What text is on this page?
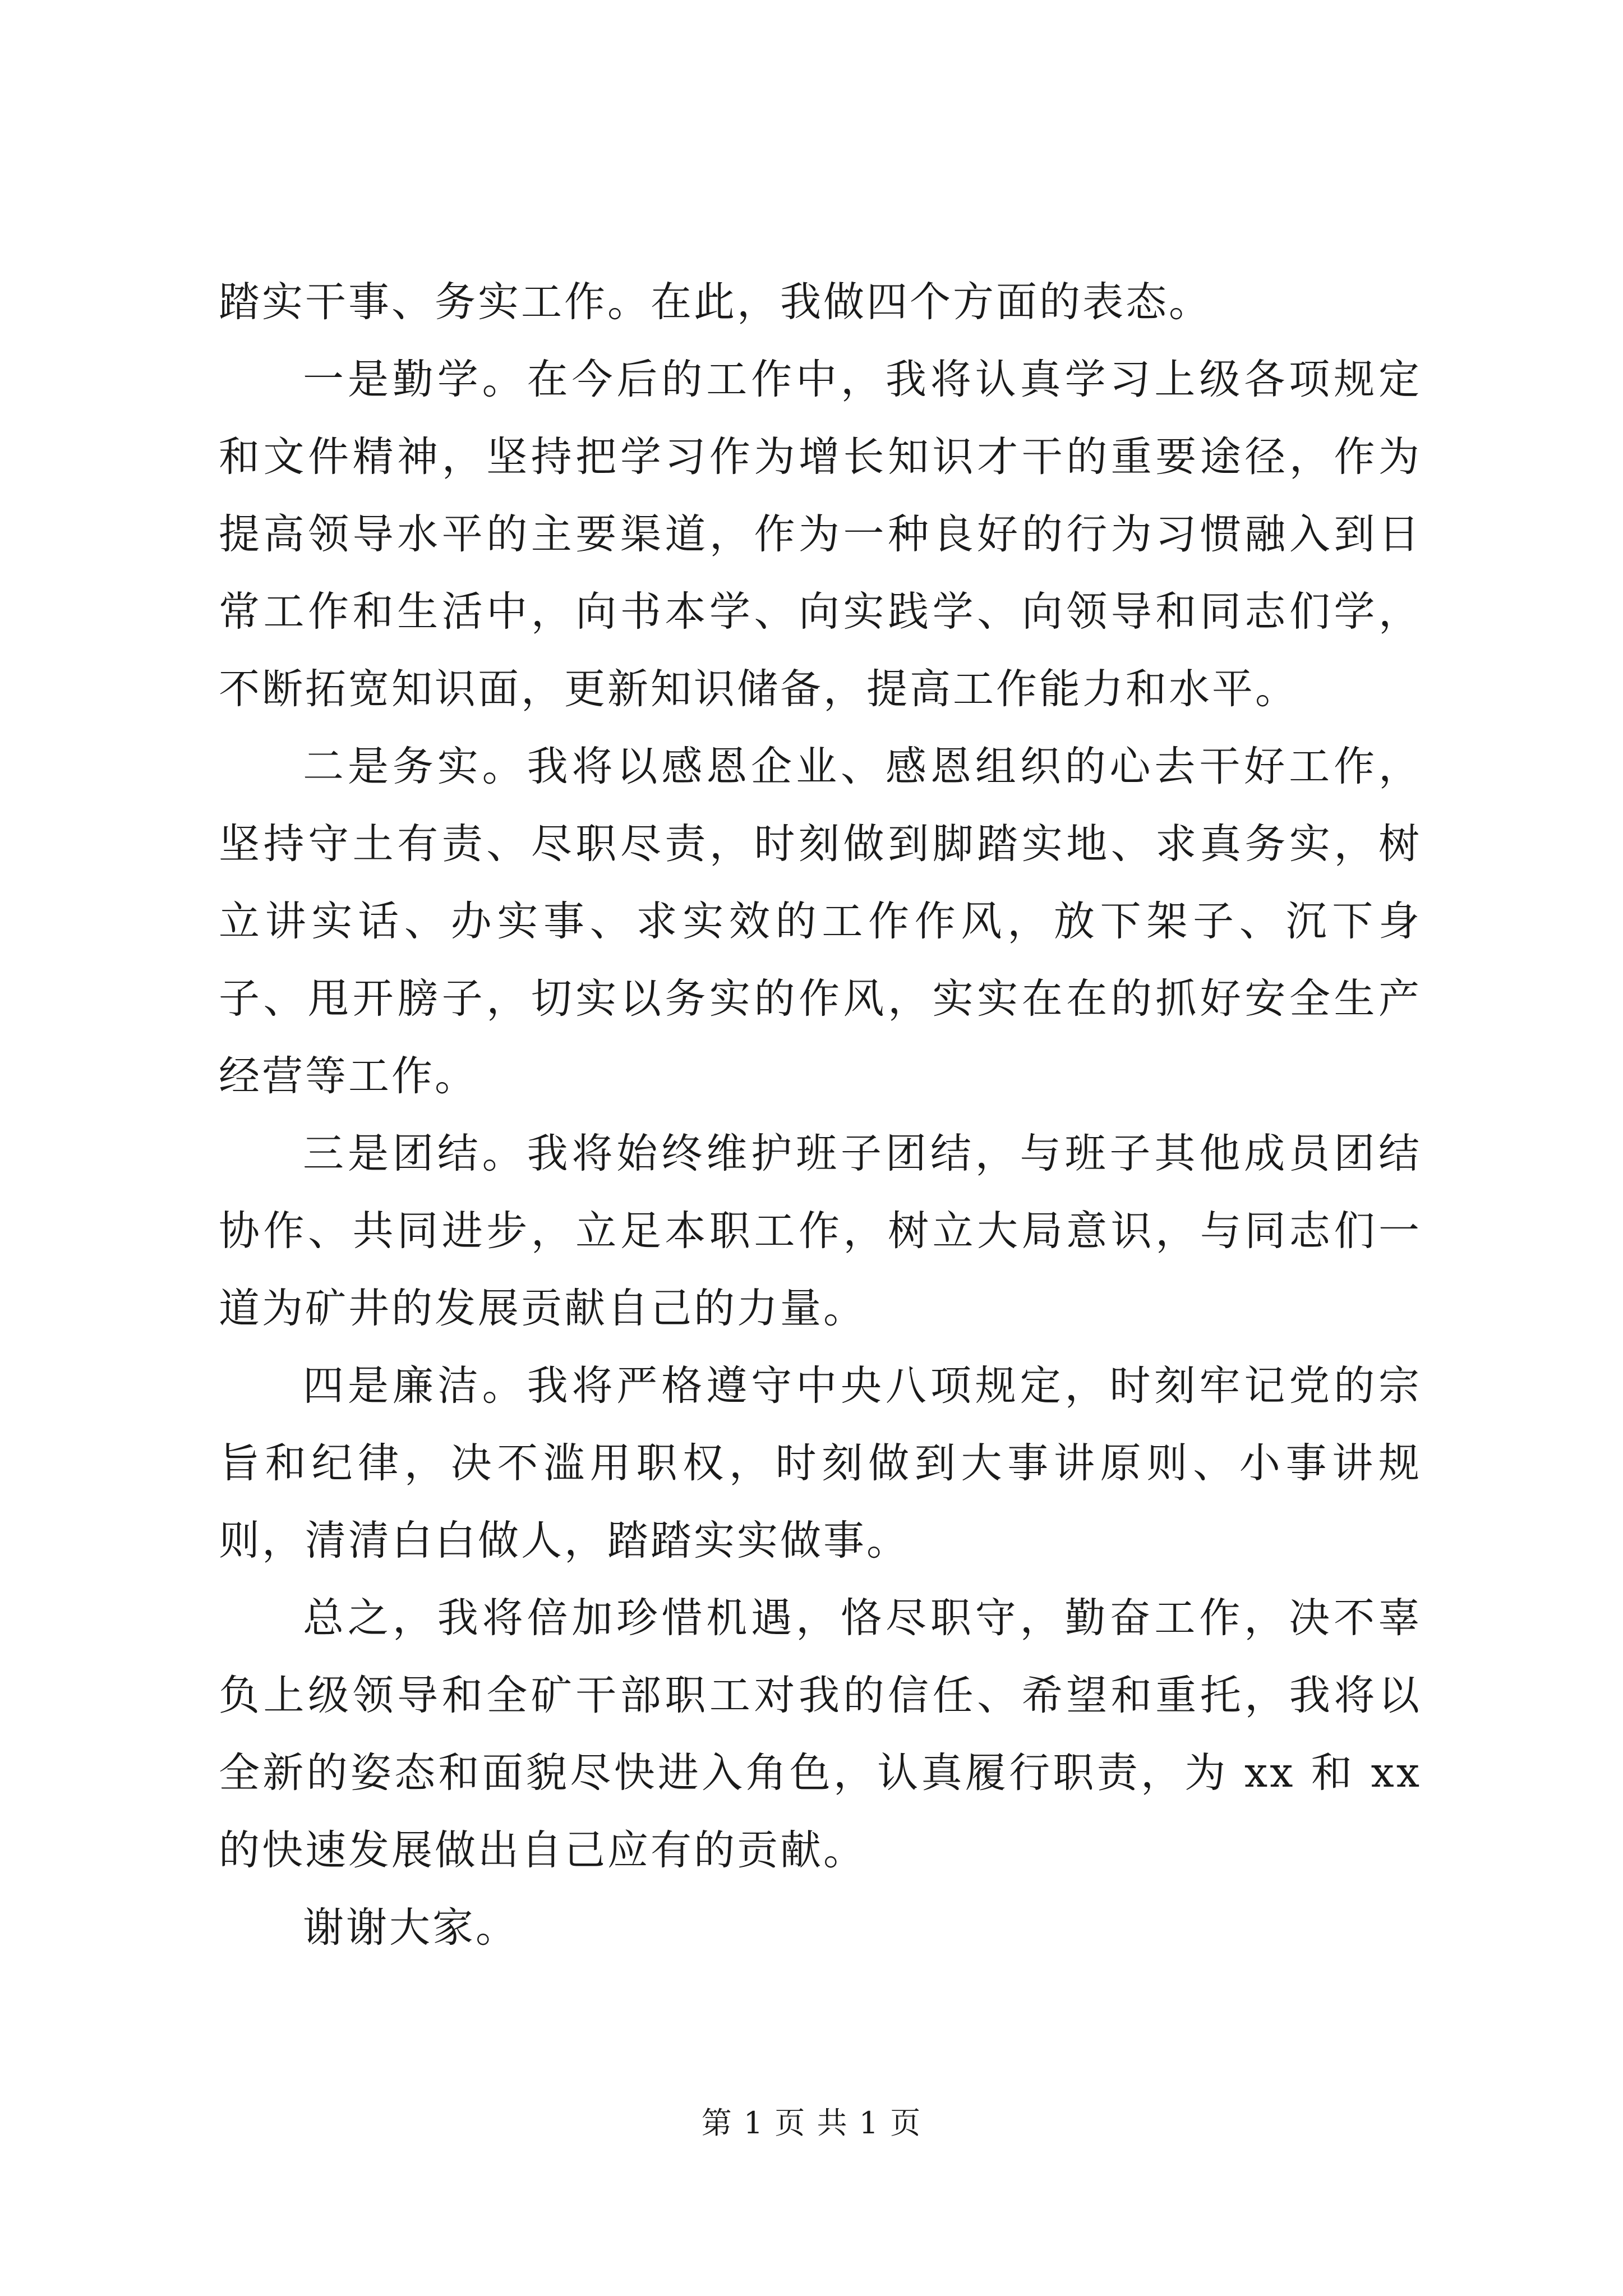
踏实干事、务实工作。在此，我做四个方面的表态。

一是勤学。在今后的工作中，我将认真学习上级各项规定和文件精神，坚持把学习作为增长知识才干的重要途径，作为提高领导水平的主要渠道，作为一种良好的行为习惯融入到日常工作和生活中，向书本学、向实践学、向领导和同志们学，不断拓宽知识面，更新知识储备，提高工作能力和水平。

二是务实。我将以感恩企业、感恩组织的心去干好工作，坚持守土有责、尽职尽责，时刻做到脚踏实地、求真务实，树立讲实话、办实事、求实效的工作作风，放下架子、沉下身子、甩开膀子，切实以务实的作风，实实在在的抓好安全生产经营等工作。

三是团结。我将始终维护班子团结，与班子其他成员团结协作、共同进步，立足本职工作，树立大局意识，与同志们一道为矿井的发展贡献自己的力量。

四是廉洁。我将严格遵守中央八项规定，时刻牢记党的宗旨和纪律，决不滥用职权，时刻做到大事讲原则、小事讲规则，清清白白做人，踏踏实实做事。

总之，我将倍加珍惜机遇，恪尽职守，勤奋工作，决不辜负上级领导和全矿干部职工对我的信任、希望和重托，我将以全新的姿态和面貌尽快进入角色，认真履行职责，为 xx 和 xx 的快速发展做出自己应有的贡献。

谢谢大家。

第 1 页 共 1 页
